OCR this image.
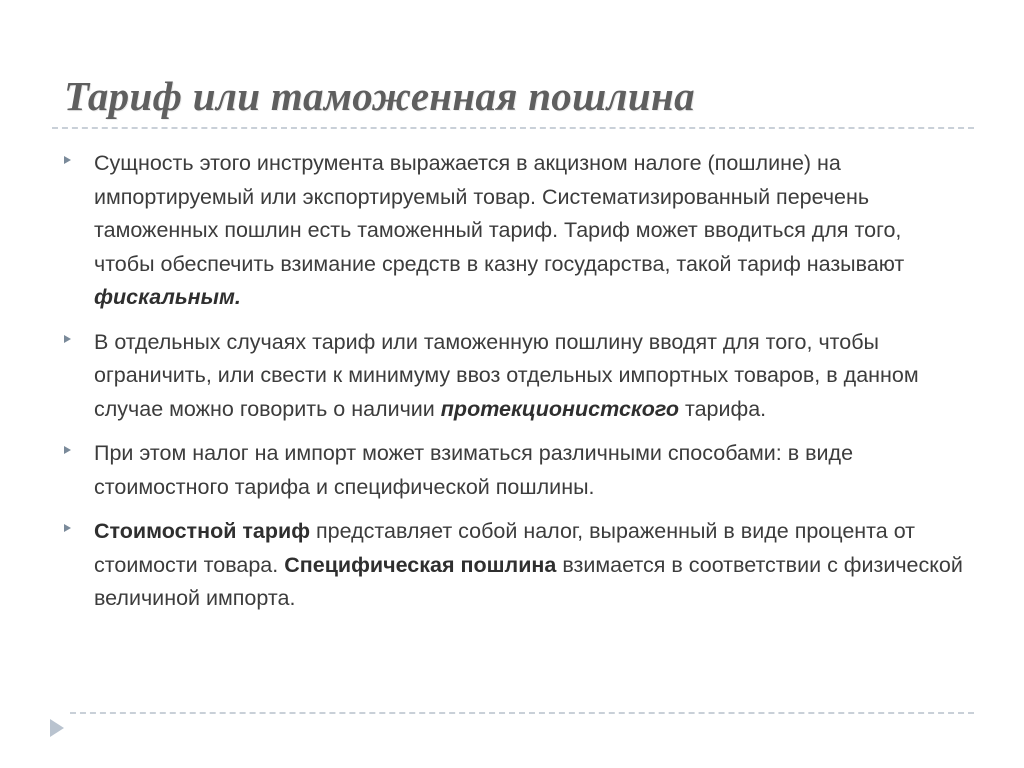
Тариф или таможенная пошлина
Сущность этого инструмента выражается в акцизном налоге (пошлине) на импортируемый или экспортируемый товар. Систематизированный перечень таможенных пошлин есть таможенный тариф. Тариф может вводиться для того, чтобы обеспечить взимание средств в казну государства, такой тариф называют фискальным.
В отдельных случаях тариф или таможенную пошлину вводят для того, чтобы ограничить, или свести к минимуму ввоз отдельных импортных товаров, в данном случае можно говорить о наличии протекционистского тарифа.
При этом налог на импорт может взиматься различными способами: в виде стоимостного тарифа и специфической пошлины.
Стоимостной тариф представляет собой налог, выраженный в виде процента от стоимости товара. Специфическая пошлина взимается в соответствии с физической величиной импорта.
